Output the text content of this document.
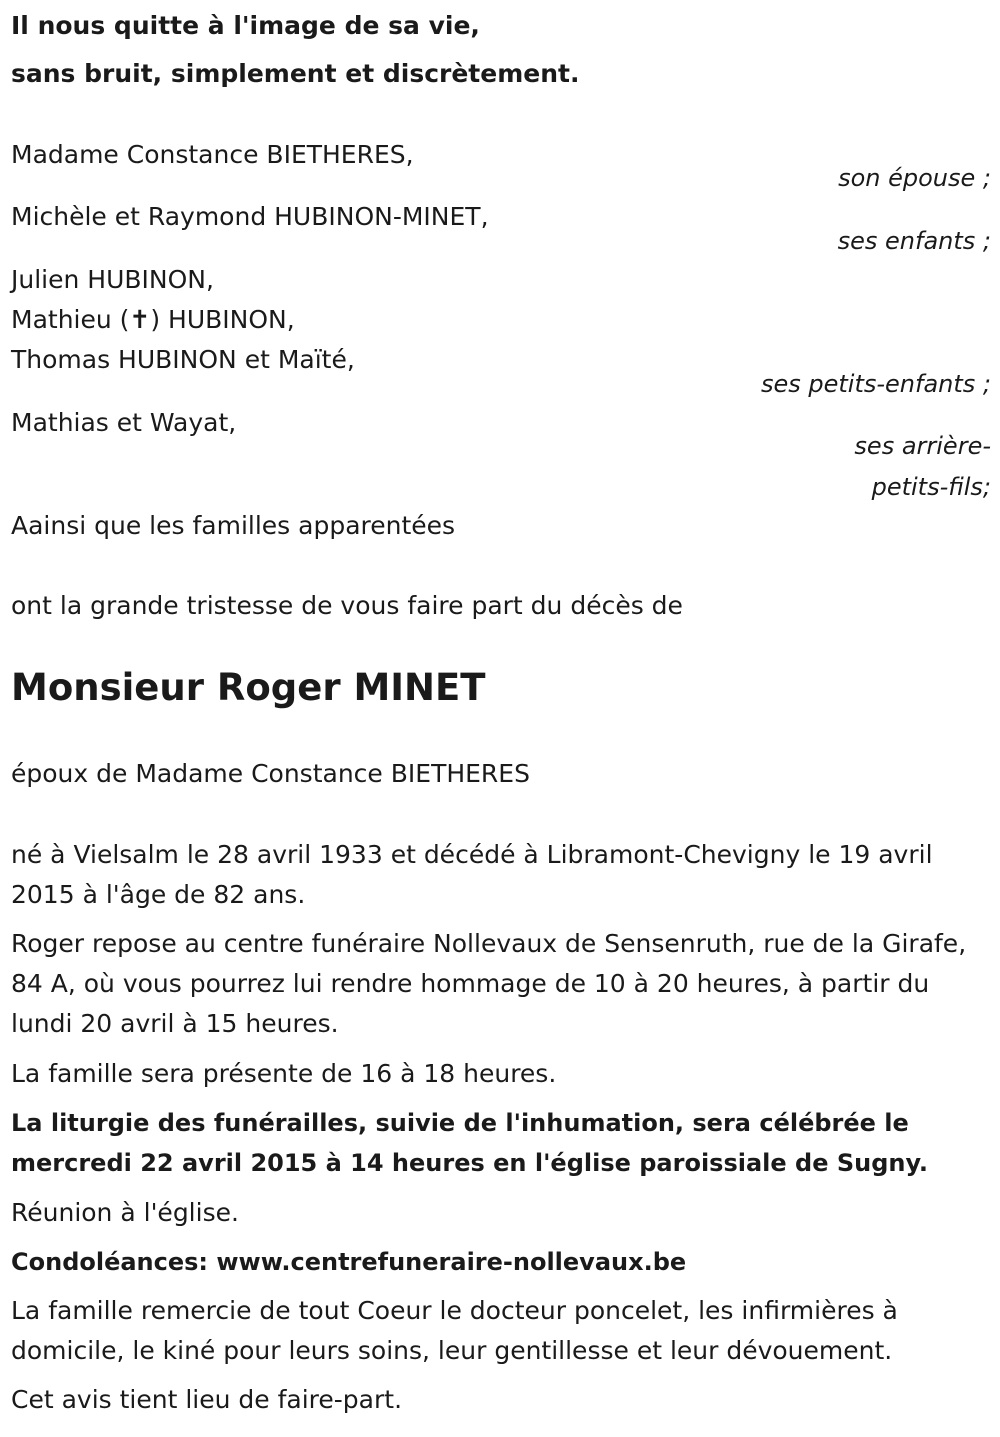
Il nous quitte à l'image de sa vie,
sans bruit, simplement et discrètement.
Madame Constance BIETHERES,
son épouse ;
Michèle et Raymond HUBINON-MINET,
ses enfants ;
Julien HUBINON,
Mathieu (✝) HUBINON,
Thomas HUBINON et Maïté,
ses petits-enfants ;
Mathias et Wayat,
ses arrière-
petits-fils;
Aainsi que les familles apparentées
ont la grande tristesse de vous faire part du décès de
Monsieur Roger MINET
époux de Madame Constance BIETHERES
né à Vielsalm le 28 avril 1933 et décédé à Libramont-Chevigny le 19 avril 2015 à l'âge de 82 ans.
Roger repose au centre funéraire Nollevaux de Sensenruth, rue de la Girafe, 84 A, où vous pourrez lui rendre hommage de 10 à 20 heures, à partir du lundi 20 avril à 15 heures.
La famille sera présente de 16 à 18 heures.
La liturgie des funérailles, suivie de l'inhumation, sera célébrée le mercredi 22 avril 2015 à 14 heures en l'église paroissiale de Sugny.
Réunion à l'église.
Condoléances: www.centrefuneraire-nollevaux.be
La famille remercie de tout Coeur le docteur poncelet, les infirmières à domicile, le kiné pour leurs soins, leur gentillesse et leur dévouement.
Cet avis tient lieu de faire-part.
